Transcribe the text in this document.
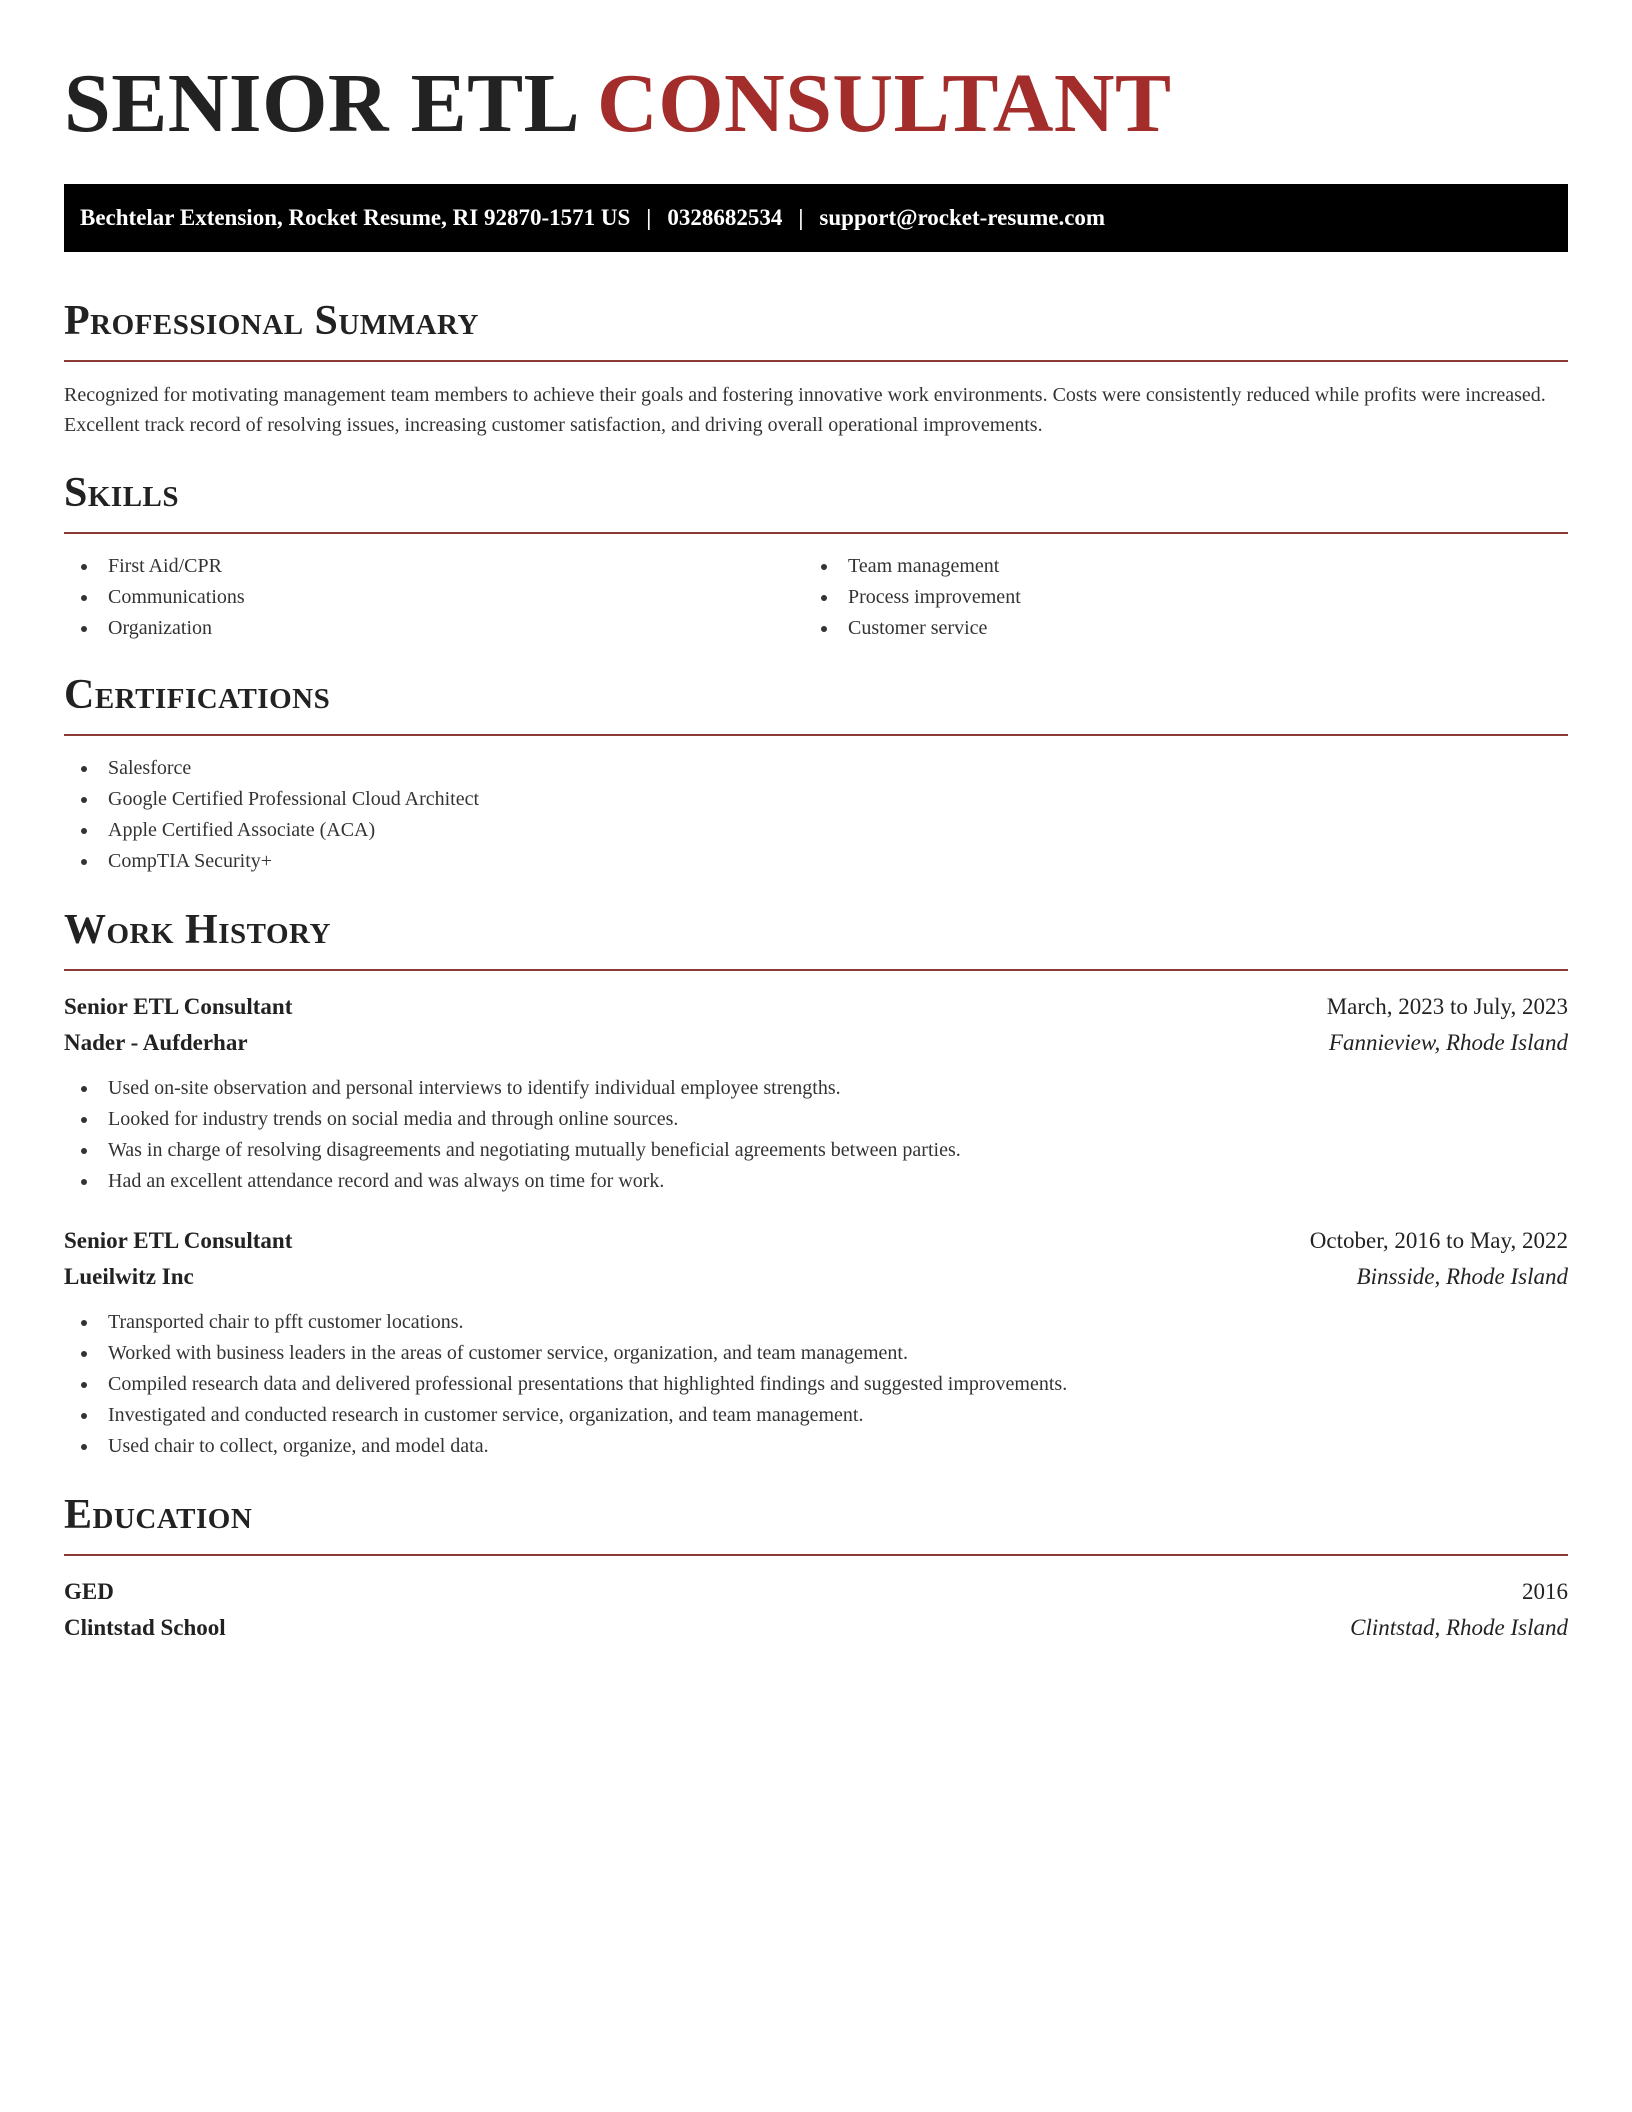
SENIOR ETL CONSULTANT
Bechtelar Extension, Rocket Resume, RI 92870-1571 US | 0328682534 | support@rocket-resume.com
Professional Summary

Recognized for motivating management team members to achieve their goals and fostering innovative work environments. Costs were consistently reduced while profits were increased. Excellent track record of resolving issues, increasing customer satisfaction, and driving overall operational improvements.

Skills
First Aid/CPR
Communications
Organization
Team management
Process improvement
Customer service
Certifications
Salesforce
Google Certified Professional Cloud Architect
Apple Certified Associate (ACA)
CompTIA Security+
Work History
Senior ETL Consultant	March, 2023 to July, 2023
Nader - Aufderhar	Fannieview, Rhode Island
Used on-site observation and personal interviews to identify individual employee strengths.
Looked for industry trends on social media and through online sources.
Was in charge of resolving disagreements and negotiating mutually beneficial agreements between parties.
Had an excellent attendance record and was always on time for work.
Senior ETL Consultant	October, 2016 to May, 2022
Lueilwitz Inc	Binsside, Rhode Island
Transported chair to pfft customer locations.
Worked with business leaders in the areas of customer service, organization, and team management.
Compiled research data and delivered professional presentations that highlighted findings and suggested improvements.
Investigated and conducted research in customer service, organization, and team management.
Used chair to collect, organize, and model data.
Education
GED	2016
Clintstad School	Clintstad, Rhode Island
